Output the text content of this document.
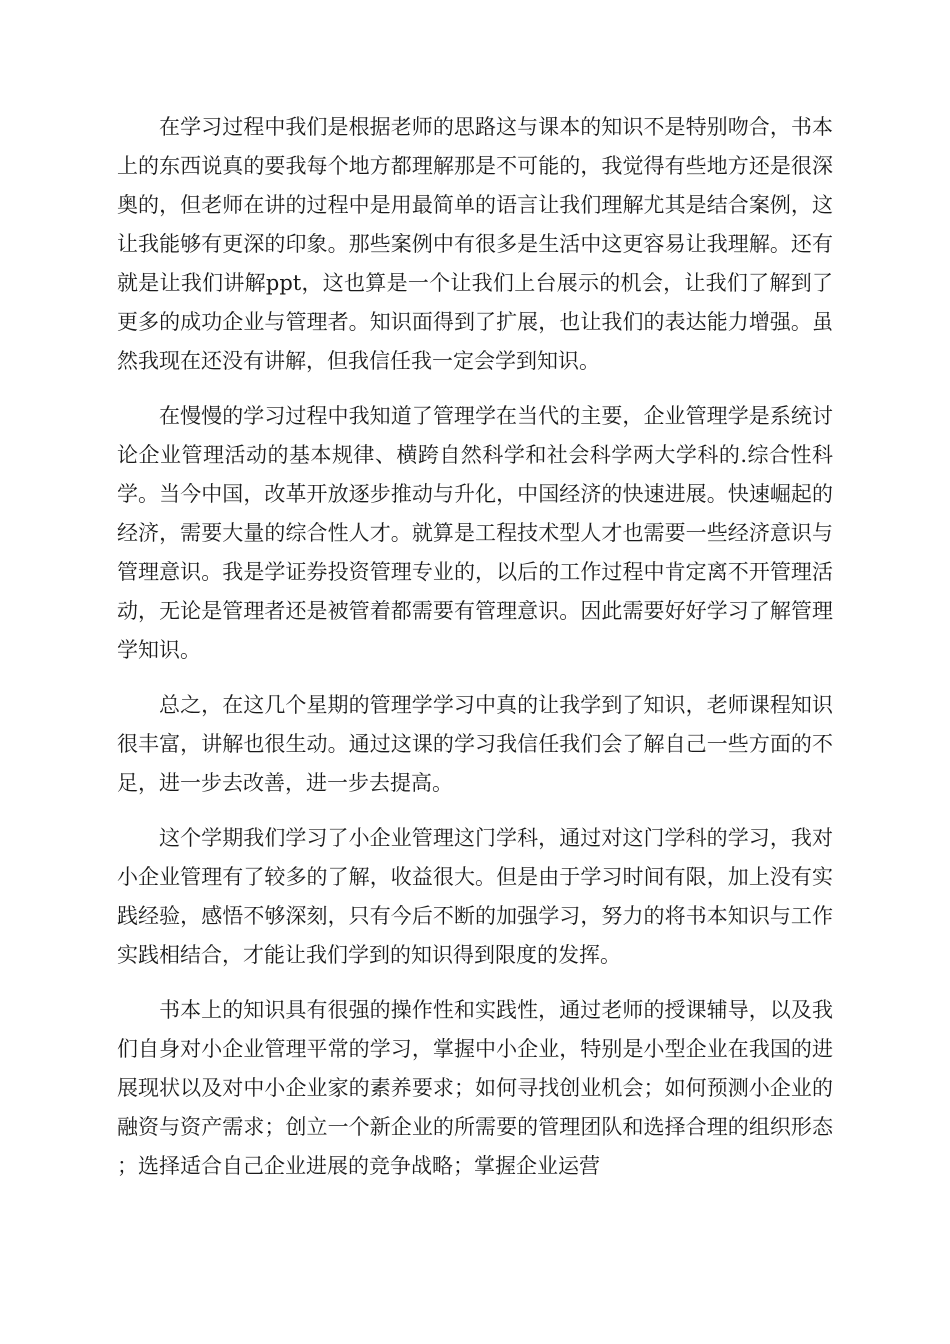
在学习过程中我们是根据老师的思路这与课本的知识不是特别吻合，书本上的东西说真的要我每个地方都理解那是不可能的，我觉得有些地方还是很深奥的，但老师在讲的过程中是用最简单的语言让我们理解尤其是结合案例，这让我能够有更深的印象。那些案例中有很多是生活中这更容易让我理解。还有就是让我们讲解ppt，这也算是一个让我们上台展示的机会，让我们了解到了更多的成功企业与管理者。知识面得到了扩展，也让我们的表达能力增强。虽然我现在还没有讲解，但我信任我一定会学到知识。

在慢慢的学习过程中我知道了管理学在当代的主要，企业管理学是系统讨论企业管理活动的基本规律、横跨自然科学和社会科学两大学科的.综合性科学。当今中国，改革开放逐步推动与升化，中国经济的快速进展。快速崛起的经济，需要大量的综合性人才。就算是工程技术型人才也需要一些经济意识与管理意识。我是学证券投资管理专业的，以后的工作过程中肯定离不开管理活动，无论是管理者还是被管着都需要有管理意识。因此需要好好学习了解管理学知识。

总之，在这几个星期的管理学学习中真的让我学到了知识，老师课程知识很丰富，讲解也很生动。通过这课的学习我信任我们会了解自己一些方面的不足，进一步去改善，进一步去提高。

这个学期我们学习了小企业管理这门学科，通过对这门学科的学习，我对小企业管理有了较多的了解，收益很大。但是由于学习时间有限，加上没有实践经验，感悟不够深刻，只有今后不断的加强学习，努力的将书本知识与工作实践相结合，才能让我们学到的知识得到限度的发挥。

书本上的知识具有很强的操作性和实践性，通过老师的授课辅导，以及我们自身对小企业管理平常的学习，掌握中小企业，特别是小型企业在我国的进展现状以及对中小企业家的素养要求；如何寻找创业机会；如何预测小企业的融资与资产需求；创立一个新企业的所需要的管理团队和选择合理的组织形态；选择适合自己企业进展的竞争战略；掌握企业运营
